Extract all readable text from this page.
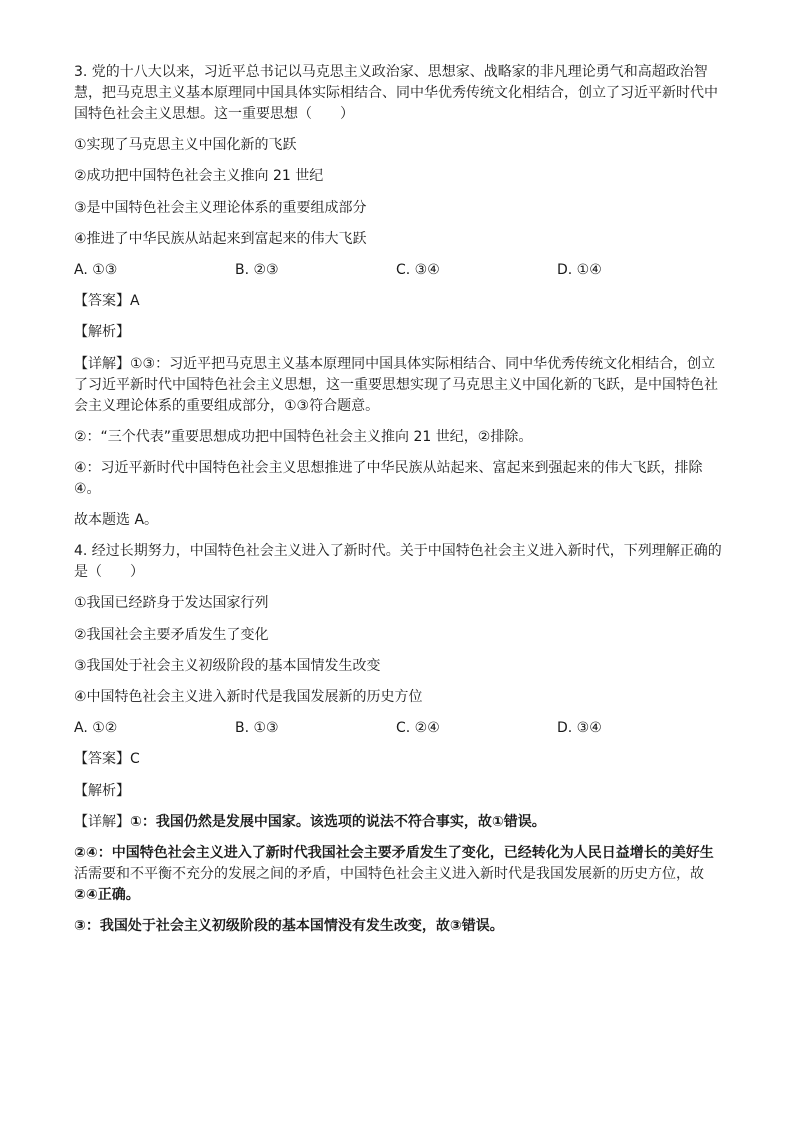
3. 党的十八大以来，习近平总书记以马克思主义政治家、思想家、战略家的非凡理论勇气和高超政治智
慧，把马克思主义基本原理同中国具体实际相结合、同中华优秀传统文化相结合，创立了习近平新时代中
国特色社会主义思想。这一重要思想（　　）
①实现了马克思主义中国化新的飞跃
②成功把中国特色社会主义推向 21 世纪
③是中国特色社会主义理论体系的重要组成部分
④推进了中华民族从站起来到富起来的伟大飞跃
A. ①③	B. ②③	C. ③④	D. ①④
【答案】A
【解析】
【详解】①③：习近平把马克思主义基本原理同中国具体实际相结合、同中华优秀传统文化相结合，创立
了习近平新时代中国特色社会主义思想，这一重要思想实现了马克思主义中国化新的飞跃，是中国特色社
会主义理论体系的重要组成部分，①③符合题意。
②：“三个代表”重要思想成功把中国特色社会主义推向 21 世纪，②排除。
④：习近平新时代中国特色社会主义思想推进了中华民族从站起来、富起来到强起来的伟大飞跃，排除
④。
故本题选 A。
4. 经过长期努力，中国特色社会主义进入了新时代。关于中国特色社会主义进入新时代，下列理解正确的
是（　　）
①我国已经跻身于发达国家行列
②我国社会主要矛盾发生了变化
③我国处于社会主义初级阶段的基本国情发生改变
④中国特色社会主义进入新时代是我国发展新的历史方位
A. ①②	B. ①③	C. ②④	D. ③④
【答案】C
【解析】
【详解】①：我国仍然是发展中国家。该选项的说法不符合事实，故①错误。
②④：中国特色社会主义进入了新时代我国社会主要矛盾发生了变化，已经转化为人民日益增长的美好生
活需要和不平衡不充分的发展之间的矛盾，中国特色社会主义进入新时代是我国发展新的历史方位，故
②④正确。
③：我国处于社会主义初级阶段的基本国情没有发生改变，故③错误。
